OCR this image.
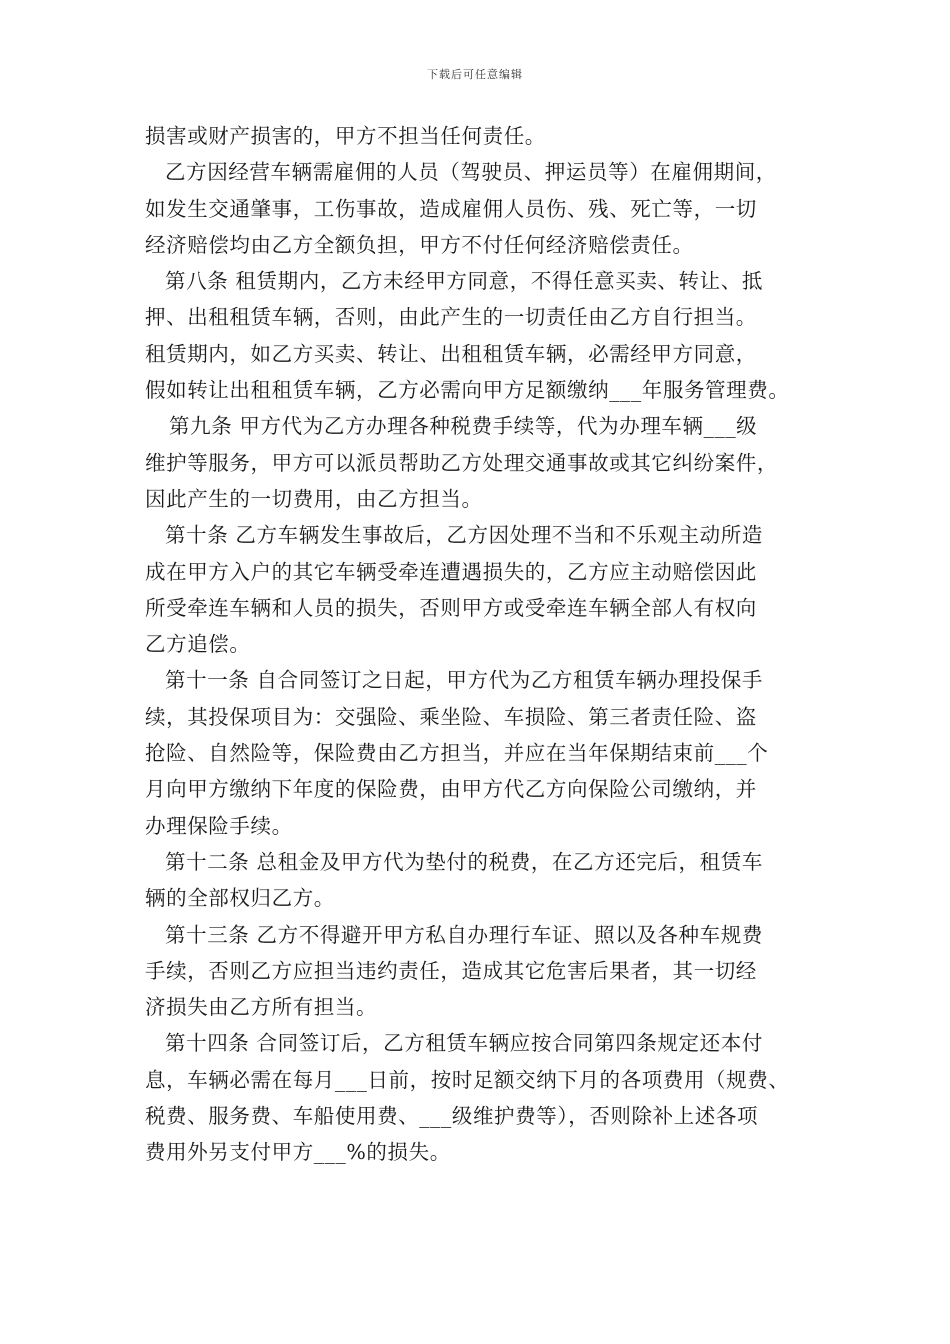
下载后可任意编辑
损害或财产损害的，甲方不担当任何责任。
乙方因经营车辆需雇佣的人员（驾驶员、押运员等）在雇佣期间，
如发生交通肇事，工伤事故，造成雇佣人员伤、残、死亡等，一切
经济赔偿均由乙方全额负担，甲方不付任何经济赔偿责任。
第八条 租赁期内，乙方未经甲方同意，不得任意买卖、转让、抵
押、出租租赁车辆，否则，由此产生的一切责任由乙方自行担当。
租赁期内，如乙方买卖、转让、出租租赁车辆，必需经甲方同意，
假如转让出租租赁车辆，乙方必需向甲方足额缴纳___年服务管理费。
第九条 甲方代为乙方办理各种税费手续等，代为办理车辆___级
维护等服务，甲方可以派员帮助乙方处理交通事故或其它纠纷案件，
因此产生的一切费用，由乙方担当。
第十条 乙方车辆发生事故后，乙方因处理不当和不乐观主动所造
成在甲方入户的其它车辆受牵连遭遇损失的，乙方应主动赔偿因此
所受牵连车辆和人员的损失，否则甲方或受牵连车辆全部人有权向
乙方追偿。
第十一条 自合同签订之日起，甲方代为乙方租赁车辆办理投保手
续，其投保项目为：交强险、乘坐险、车损险、第三者责任险、盗
抢险、自然险等，保险费由乙方担当，并应在当年保期结束前___个
月向甲方缴纳下年度的保险费，由甲方代乙方向保险公司缴纳，并
办理保险手续。
第十二条 总租金及甲方代为垫付的税费，在乙方还完后，租赁车
辆的全部权归乙方。
第十三条 乙方不得避开甲方私自办理行车证、照以及各种车规费
手续，否则乙方应担当违约责任，造成其它危害后果者，其一切经
济损失由乙方所有担当。
第十四条 合同签订后，乙方租赁车辆应按合同第四条规定还本付
息，车辆必需在每月___日前，按时足额交纳下月的各项费用（规费、
税费、服务费、车船使用费、___级维护费等），否则除补上述各项
费用外另支付甲方___%的损失。
